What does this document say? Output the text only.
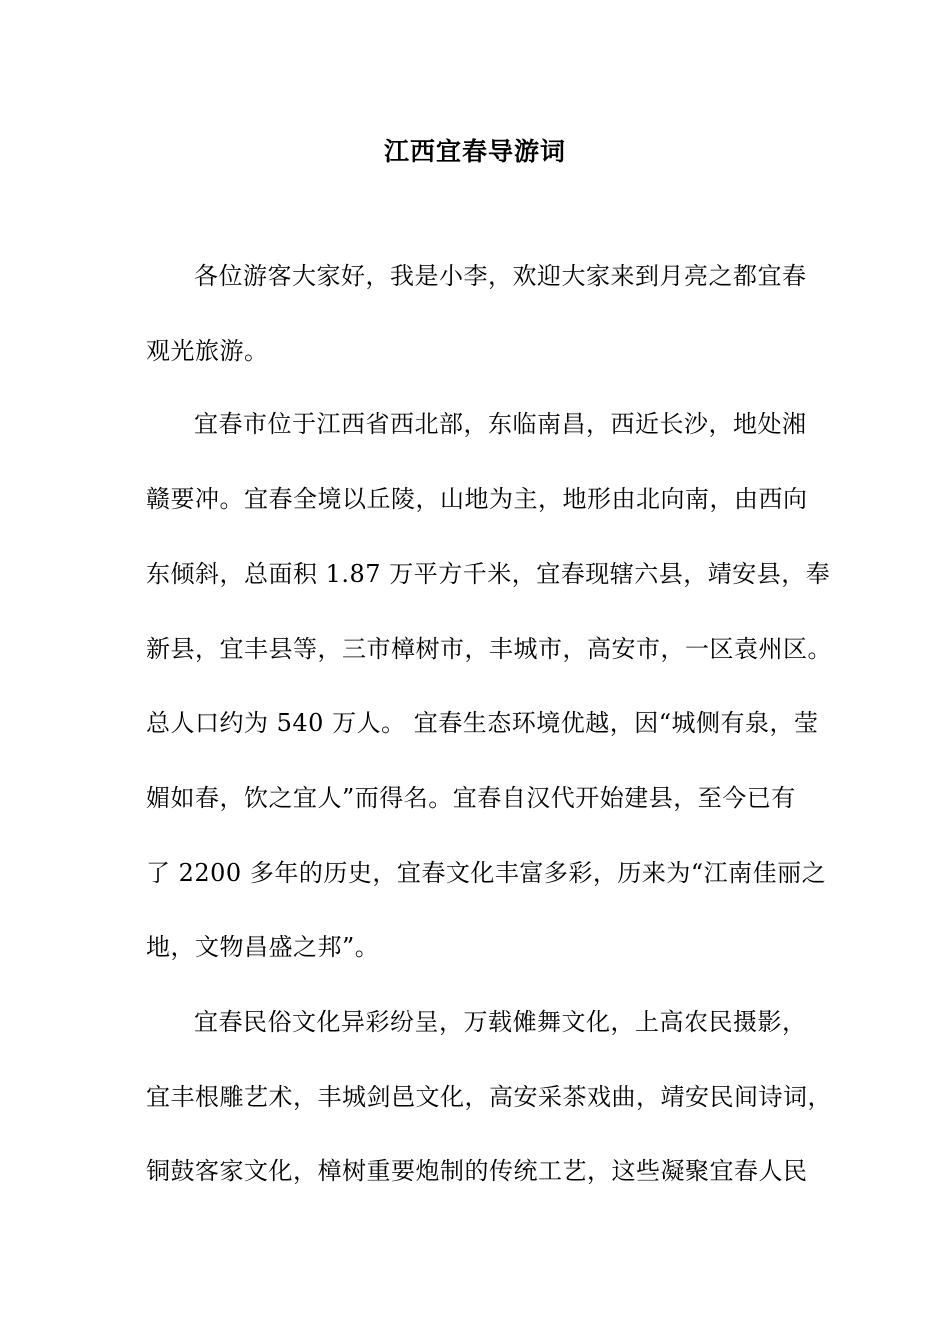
江西宜春导游词
各位游客大家好，我是小李，欢迎大家来到月亮之都宜春
观光旅游。
宜春市位于江西省西北部，东临南昌，西近长沙，地处湘
赣要冲。宜春全境以丘陵，山地为主，地形由北向南，由西向
东倾斜，总面积 1.87 万平方千米，宜春现辖六县，靖安县，奉
新县，宜丰县等，三市樟树市，丰城市，高安市，一区袁州区。
总人口约为 540 万人。 宜春生态环境优越，因“城侧有泉，莹
媚如春，饮之宜人”而得名。宜春自汉代开始建县，至今已有
了 2200 多年的历史，宜春文化丰富多彩，历来为“江南佳丽之
地，文物昌盛之邦”。
宜春民俗文化异彩纷呈，万载傩舞文化，上高农民摄影，
宜丰根雕艺术，丰城剑邑文化，高安采茶戏曲，靖安民间诗词，
铜鼓客家文化，樟树重要炮制的传统工艺，这些凝聚宜春人民
